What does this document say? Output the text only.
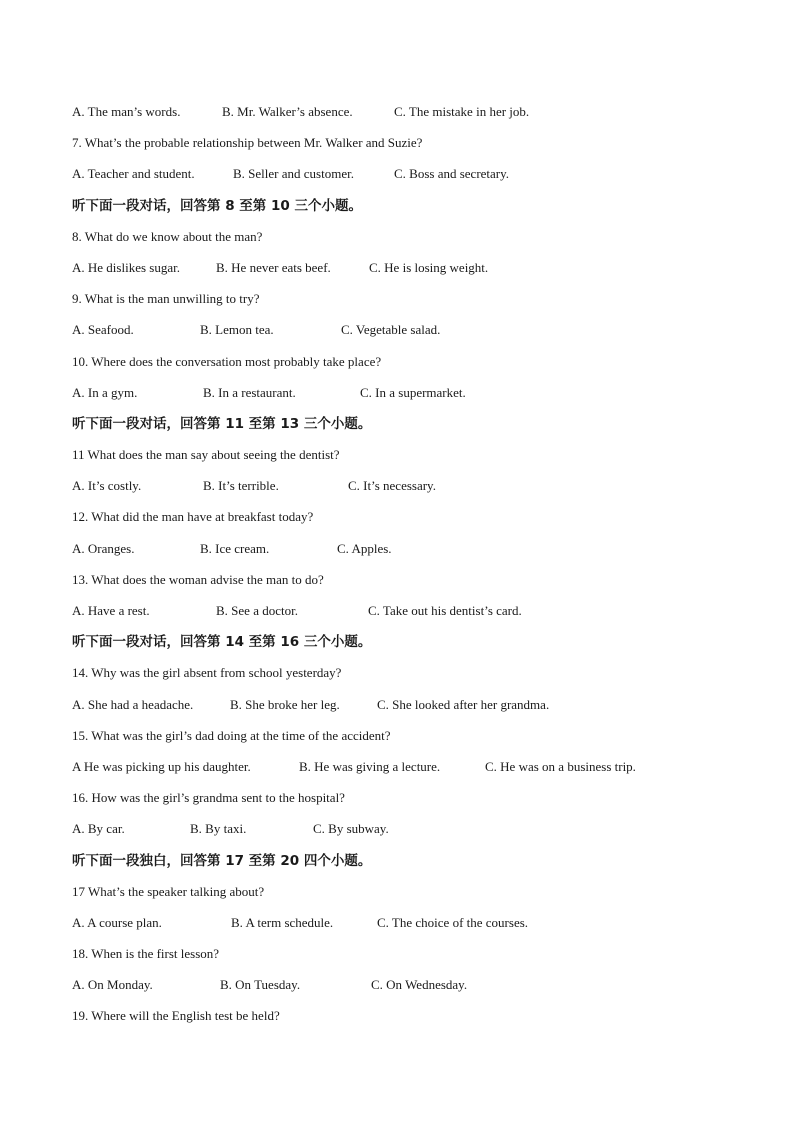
A. The man’s words.	B. Mr. Walker’s absence.	C. The mistake in her job.
7. What’s the probable relationship between Mr. Walker and Suzie?
A. Teacher and student.	B. Seller and customer.	C. Boss and secretary.
听下面一段对话，回答第 8 至第 10 三个小题。
8. What do we know about the man?
A. He dislikes sugar.	B. He never eats beef.	C. He is losing weight.
9. What is the man unwilling to try?
A. Seafood.	B. Lemon tea.	C. Vegetable salad.
10. Where does the conversation most probably take place?
A. In a gym.	B. In a restaurant.	C. In a supermarket.
听下面一段对话，回答第 11 至第 13 三个小题。
11 What does the man say about seeing the dentist?
A. It’s costly.	B. It’s terrible.	C. It’s necessary.
12. What did the man have at breakfast today?
A. Oranges.	B. Ice cream.	C. Apples.
13. What does the woman advise the man to do?
A. Have a rest.	B. See a doctor.	C. Take out his dentist’s card.
听下面一段对话，回答第 14 至第 16 三个小题。
14. Why was the girl absent from school yesterday?
A. She had a headache.	B. She broke her leg.	C. She looked after her grandma.
15. What was the girl’s dad doing at the time of the accident?
A He was picking up his daughter.	B. He was giving a lecture.	C. He was on a business trip.
16. How was the girl’s grandma sent to the hospital?
A. By car.	B. By taxi.	C. By subway.
听下面一段独白，回答第 17 至第 20 四个小题。
17 What’s the speaker talking about?
A. A course plan.	B. A term schedule.	C. The choice of the courses.
18. When is the first lesson?
A. On Monday.	B. On Tuesday.	C. On Wednesday.
19. Where will the English test be held?
